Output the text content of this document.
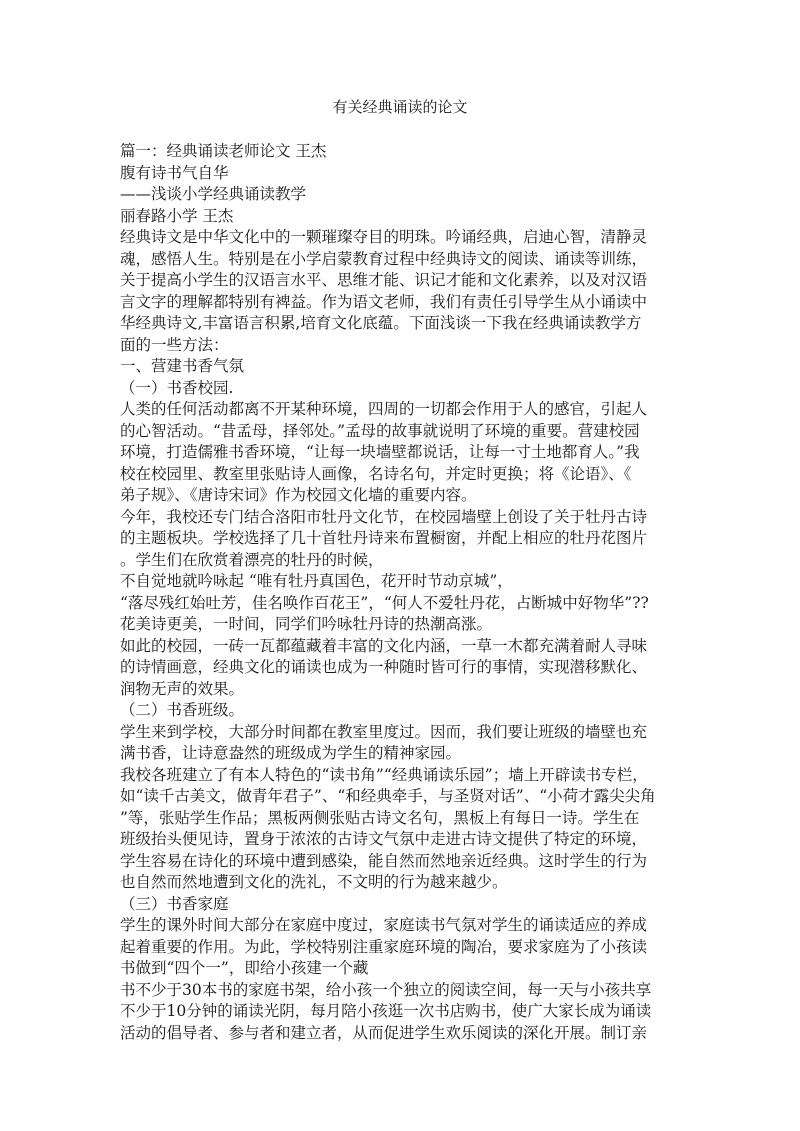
有关经典诵读的论文

篇一：经典诵读老师论文 王杰

腹有诗书气自华

——浅谈小学经典诵读教学

丽春路小学 王杰

经典诗文是中华文化中的一颗璀璨夺目的明珠。吟诵经典，启迪心智，清静灵

魂，感悟人生。特别是在小学启蒙教育过程中经典诗文的阅读、诵读等训练，

关于提高小学生的汉语言水平、思维才能、识记才能和文化素养，以及对汉语

言文字的理解都特别有裨益。作为语文老师，我们有责任引导学生从小诵读中

华经典诗文,丰富语言积累,培育文化底蕴。下面浅谈一下我在经典诵读教学方

面的一些方法：

一、营建书香气氛

（一）书香校园.

人类的任何活动都离不开某种环境，四周的一切都会作用于人的感官，引起人

的心智活动。“昔孟母，择邻处。”孟母的故事就说明了环境的重要。营建校园

环境，打造儒雅书香环境，“让每一块墙壁都说话，让每一寸土地都育人。”我

校在校园里、教室里张贴诗人画像，名诗名句，并定时更换；将《论语》、《

弟子规》、《唐诗宋词》作为校园文化墙的重要内容。

今年，我校还专门结合洛阳市牡丹文化节，在校园墙壁上创设了关于牡丹古诗

的主题板块。学校选择了几十首牡丹诗来布置橱窗，并配上相应的牡丹花图片

。学生们在欣赏着漂亮的牡丹的时候，

不自觉地就吟咏起 “唯有牡丹真国色，花开时节动京城”，

“落尽残红始吐芳，佳名唤作百花王”，“何人不爱牡丹花，占断城中好物华”??

花美诗更美，一时间，同学们吟咏牡丹诗的热潮高涨。

如此的校园，一砖一瓦都蕴藏着丰富的文化内涵，一草一木都充满着耐人寻味

的诗情画意，经典文化的诵读也成为一种随时皆可行的事情，实现潜移默化、

润物无声的效果。

（二）书香班级。

学生来到学校，大部分时间都在教室里度过。因而，我们要让班级的墙壁也充

满书香，让诗意盎然的班级成为学生的精神家园。

我校各班建立了有本人特色的“读书角”“经典诵读乐园”；墙上开辟读书专栏，

如“读千古美文，做青年君子”、“和经典牵手，与圣贤对话”、“小荷才露尖尖角

”等，张贴学生作品；黑板两侧张贴古诗文名句，黑板上有每日一诗。学生在

班级抬头便见诗，置身于浓浓的古诗文气氛中走进古诗文提供了特定的环境，

学生容易在诗化的环境中遭到感染，能自然而然地亲近经典。这时学生的行为

也自然而然地遭到文化的洗礼，不文明的行为越来越少。

（三）书香家庭

学生的课外时间大部分在家庭中度过，家庭读书气氛对学生的诵读适应的养成

起着重要的作用。为此，学校特别注重家庭环境的陶冶，要求家庭为了小孩读

书做到“四个一”，即给小孩建一个藏

书不少于30本书的家庭书架，给小孩一个独立的阅读空间，每一天与小孩共享

不少于10分钟的诵读光阴，每月陪小孩逛一次书店购书，使广大家长成为诵读

活动的倡导者、参与者和建立者，从而促进学生欢乐阅读的深化开展。制订亲
